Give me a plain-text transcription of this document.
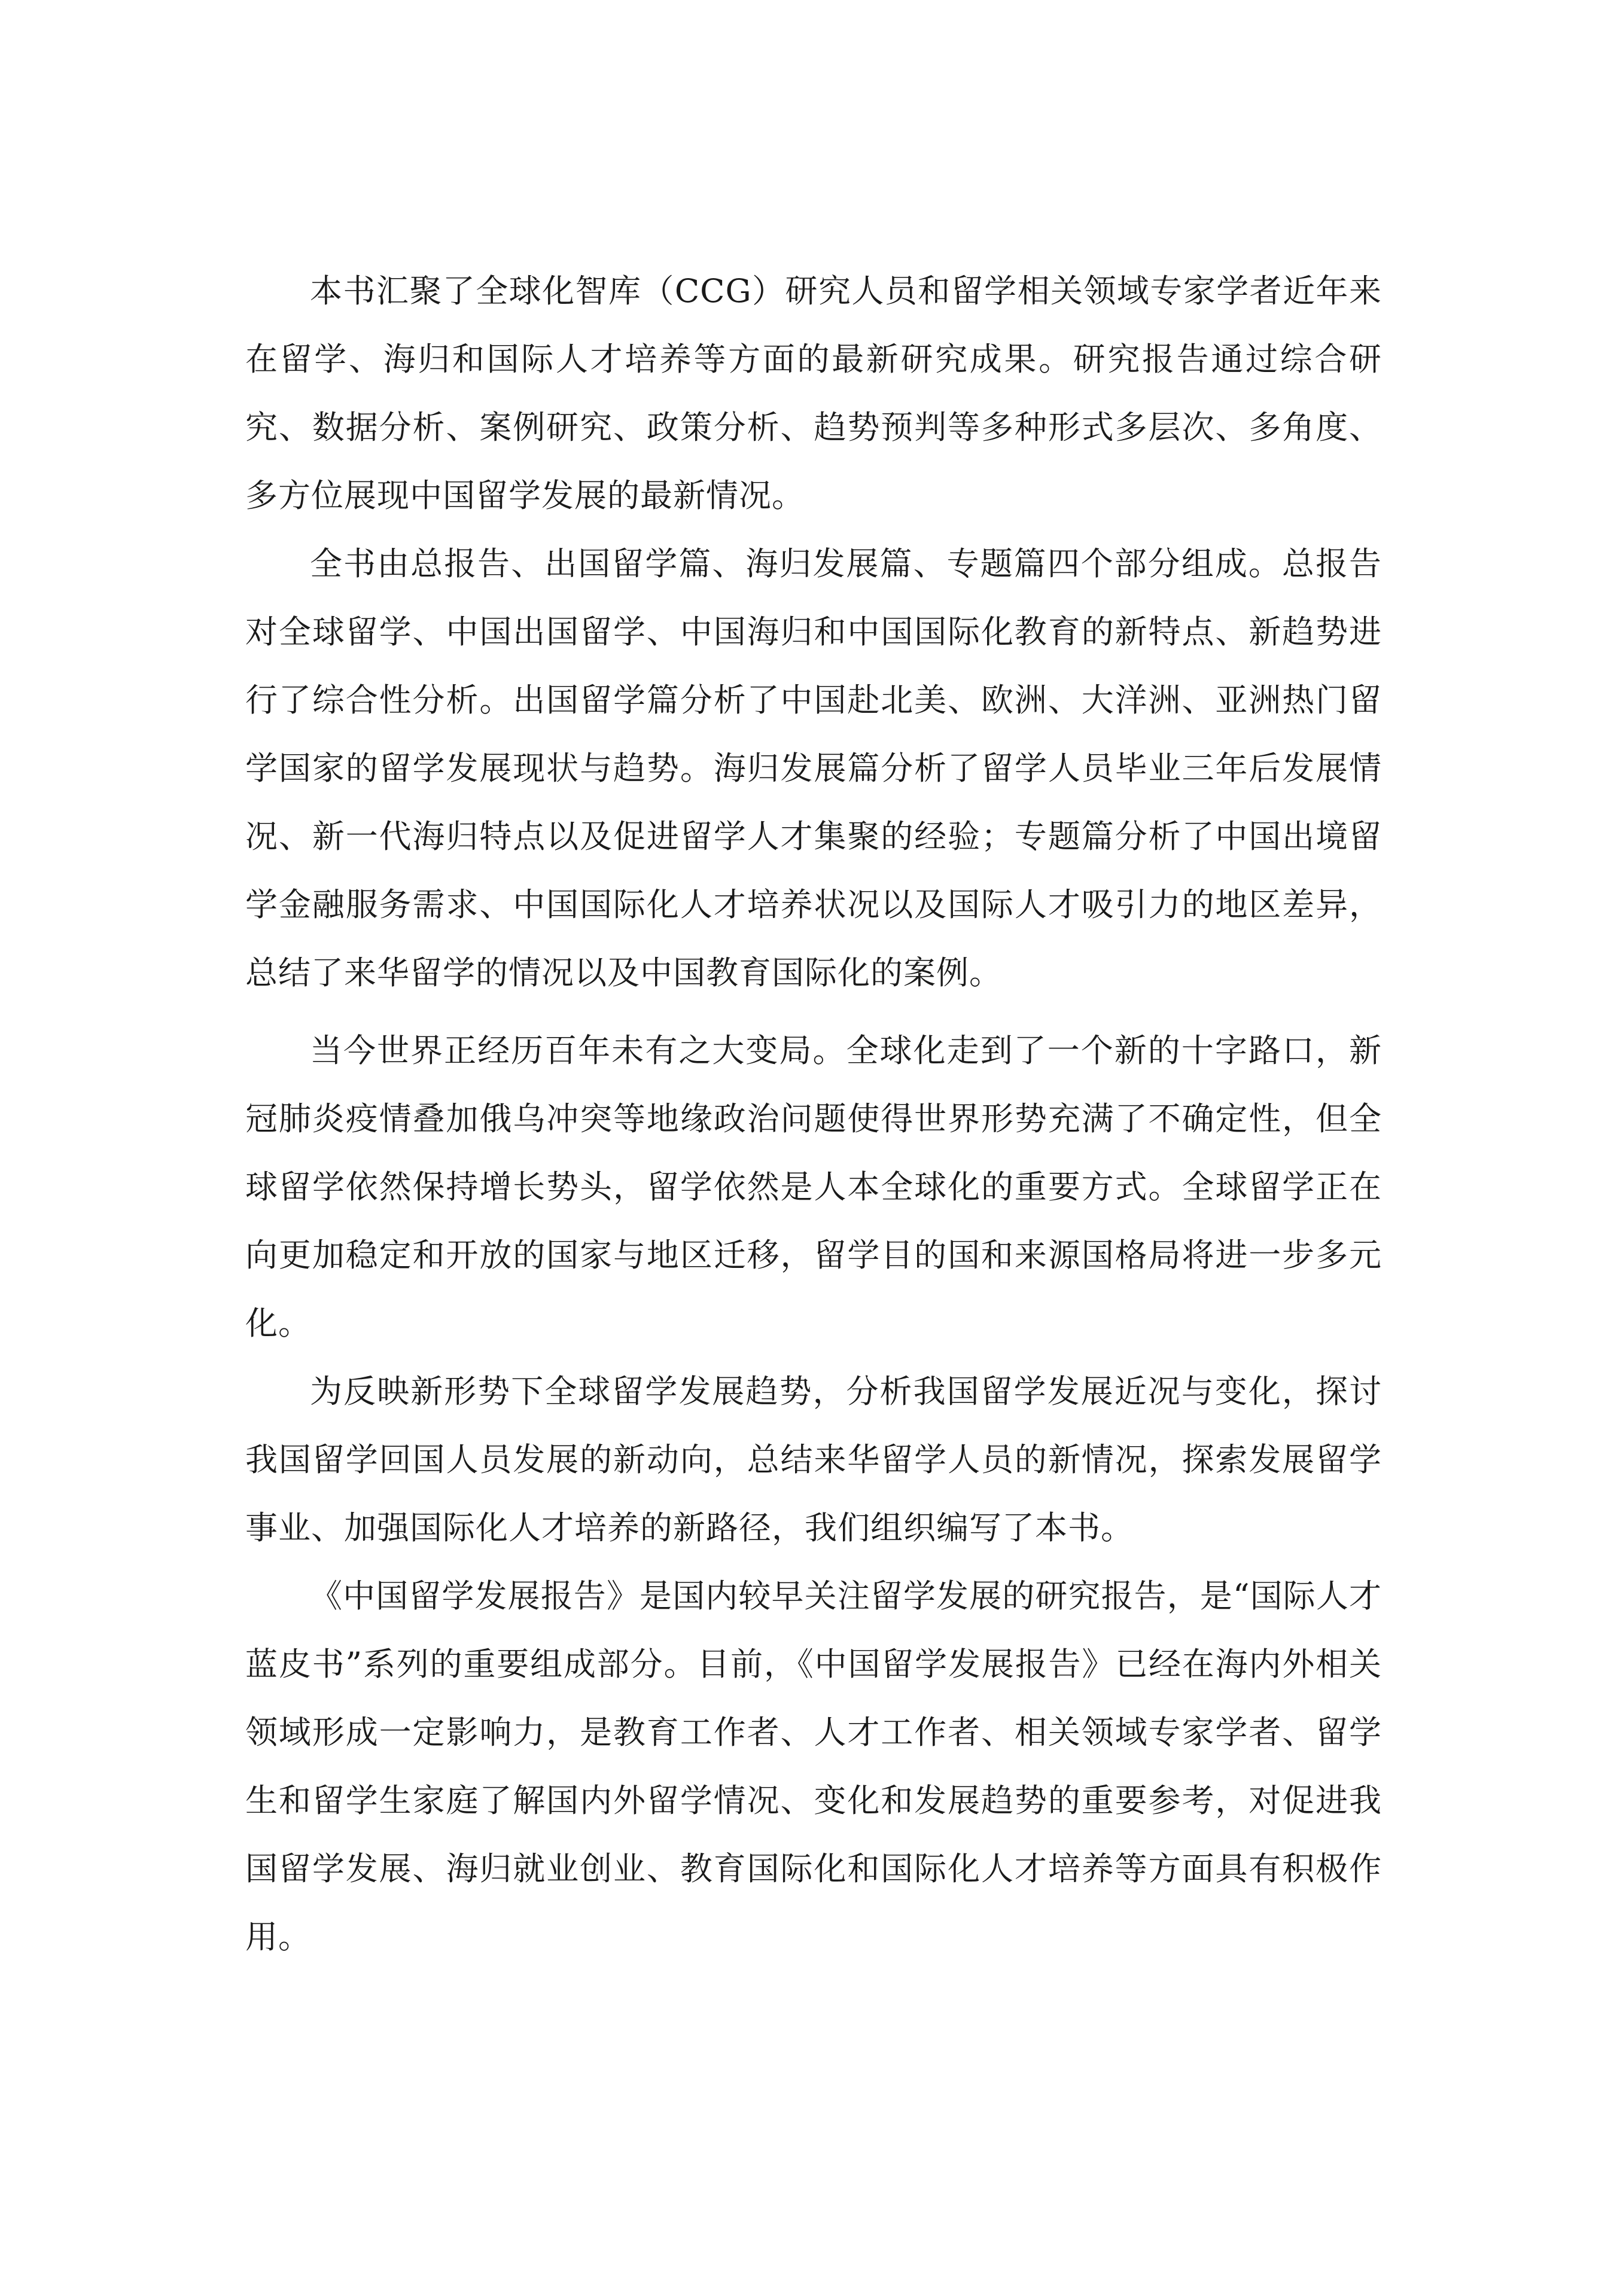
本书汇聚了全球化智库（CCG）研究人员和留学相关领域专家学者近年来在留学、海归和国际人才培养等方面的最新研究成果。研究报告通过综合研究、数据分析、案例研究、政策分析、趋势预判等多种形式多层次、多角度、多方位展现中国留学发展的最新情况。

全书由总报告、出国留学篇、海归发展篇、专题篇四个部分组成。总报告对全球留学、中国出国留学、中国海归和中国国际化教育的新特点、新趋势进行了综合性分析。出国留学篇分析了中国赴北美、欧洲、大洋洲、亚洲热门留学国家的留学发展现状与趋势。海归发展篇分析了留学人员毕业三年后发展情况、新一代海归特点以及促进留学人才集聚的经验；专题篇分析了中国出境留学金融服务需求、中国国际化人才培养状况以及国际人才吸引力的地区差异，总结了来华留学的情况以及中国教育国际化的案例。

当今世界正经历百年未有之大变局。全球化走到了一个新的十字路口，新冠肺炎疫情叠加俄乌冲突等地缘政治问题使得世界形势充满了不确定性，但全球留学依然保持增长势头，留学依然是人本全球化的重要方式。全球留学正在向更加稳定和开放的国家与地区迁移，留学目的国和来源国格局将进一步多元化。

为反映新形势下全球留学发展趋势，分析我国留学发展近况与变化，探讨我国留学回国人员发展的新动向，总结来华留学人员的新情况，探索发展留学事业、加强国际化人才培养的新路径，我们组织编写了本书。

《中国留学发展报告》是国内较早关注留学发展的研究报告，是“国际人才蓝皮书”系列的重要组成部分。目前，《中国留学发展报告》已经在海内外相关领域形成一定影响力，是教育工作者、人才工作者、相关领域专家学者、留学生和留学生家庭了解国内外留学情况、变化和发展趋势的重要参考，对促进我国留学发展、海归就业创业、教育国际化和国际化人才培养等方面具有积极作用。
